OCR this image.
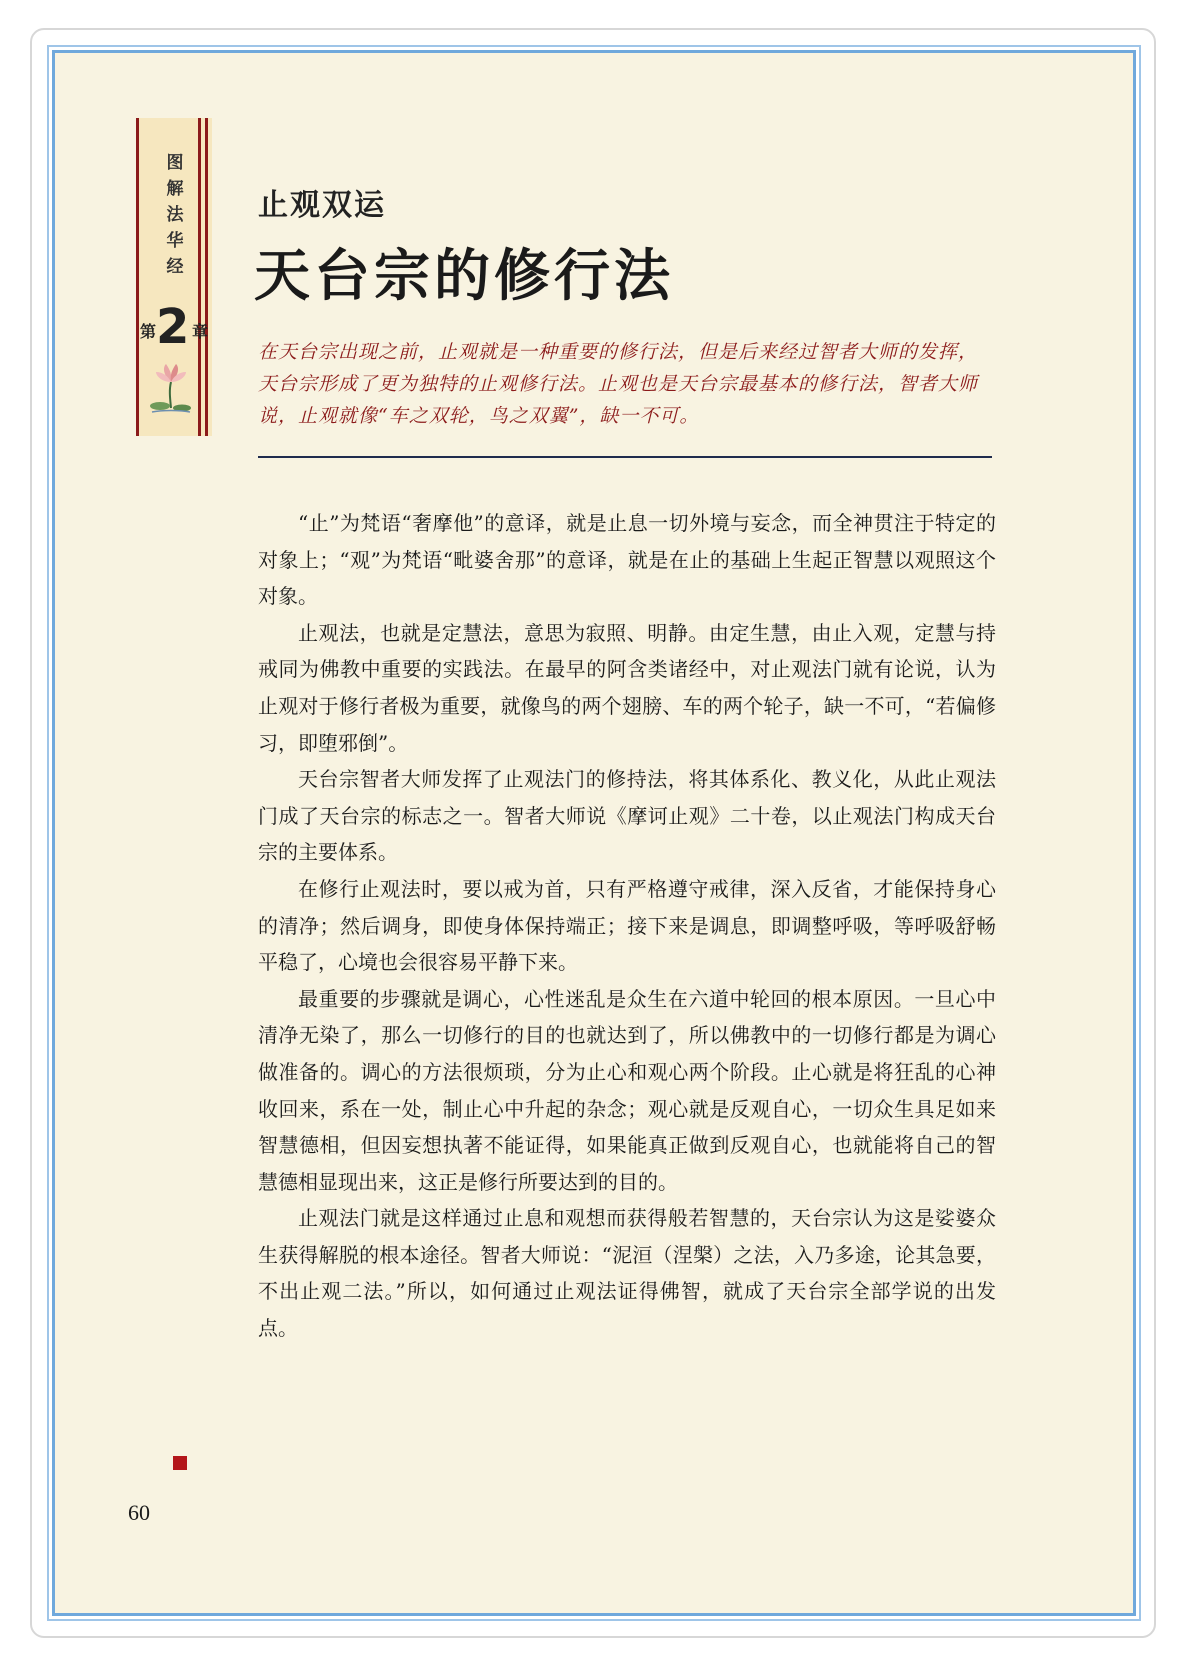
图
解
法
华
经
第 2 章
止观双运
天台宗的修行法
在天台宗出现之前，止观就是一种重要的修行法，但是后来经过智者大师的发挥，天台宗形成了更为独特的止观修行法。止观也是天台宗最基本的修行法，智者大师说，止观就像“车之双轮，鸟之双翼”，缺一不可。

“止”为梵语“奢摩他”的意译，就是止息一切外境与妄念，而全神贯注于特定的对象上；“观”为梵语“毗婆舍那”的意译，就是在止的基础上生起正智慧以观照这个对象。

止观法，也就是定慧法，意思为寂照、明静。由定生慧，由止入观，定慧与持戒同为佛教中重要的实践法。在最早的阿含类诸经中，对止观法门就有论说，认为止观对于修行者极为重要，就像鸟的两个翅膀、车的两个轮子，缺一不可，“若偏修习，即堕邪倒”。

天台宗智者大师发挥了止观法门的修持法，将其体系化、教义化，从此止观法门成了天台宗的标志之一。智者大师说《摩诃止观》二十卷，以止观法门构成天台宗的主要体系。

在修行止观法时，要以戒为首，只有严格遵守戒律，深入反省，才能保持身心的清净；然后调身，即使身体保持端正；接下来是调息，即调整呼吸，等呼吸舒畅平稳了，心境也会很容易平静下来。

最重要的步骤就是调心，心性迷乱是众生在六道中轮回的根本原因。一旦心中清净无染了，那么一切修行的目的也就达到了，所以佛教中的一切修行都是为调心做准备的。调心的方法很烦琐，分为止心和观心两个阶段。止心就是将狂乱的心神收回来，系在一处，制止心中升起的杂念；观心就是反观自心，一切众生具足如来智慧德相，但因妄想执著不能证得，如果能真正做到反观自心，也就能将自己的智慧德相显现出来，这正是修行所要达到的目的。

止观法门就是这样通过止息和观想而获得般若智慧的，天台宗认为这是娑婆众生获得解脱的根本途径。智者大师说：“泥洹（涅槃）之法，入乃多途，论其急要，不出止观二法。”所以，如何通过止观法证得佛智，就成了天台宗全部学说的出发点。

60
